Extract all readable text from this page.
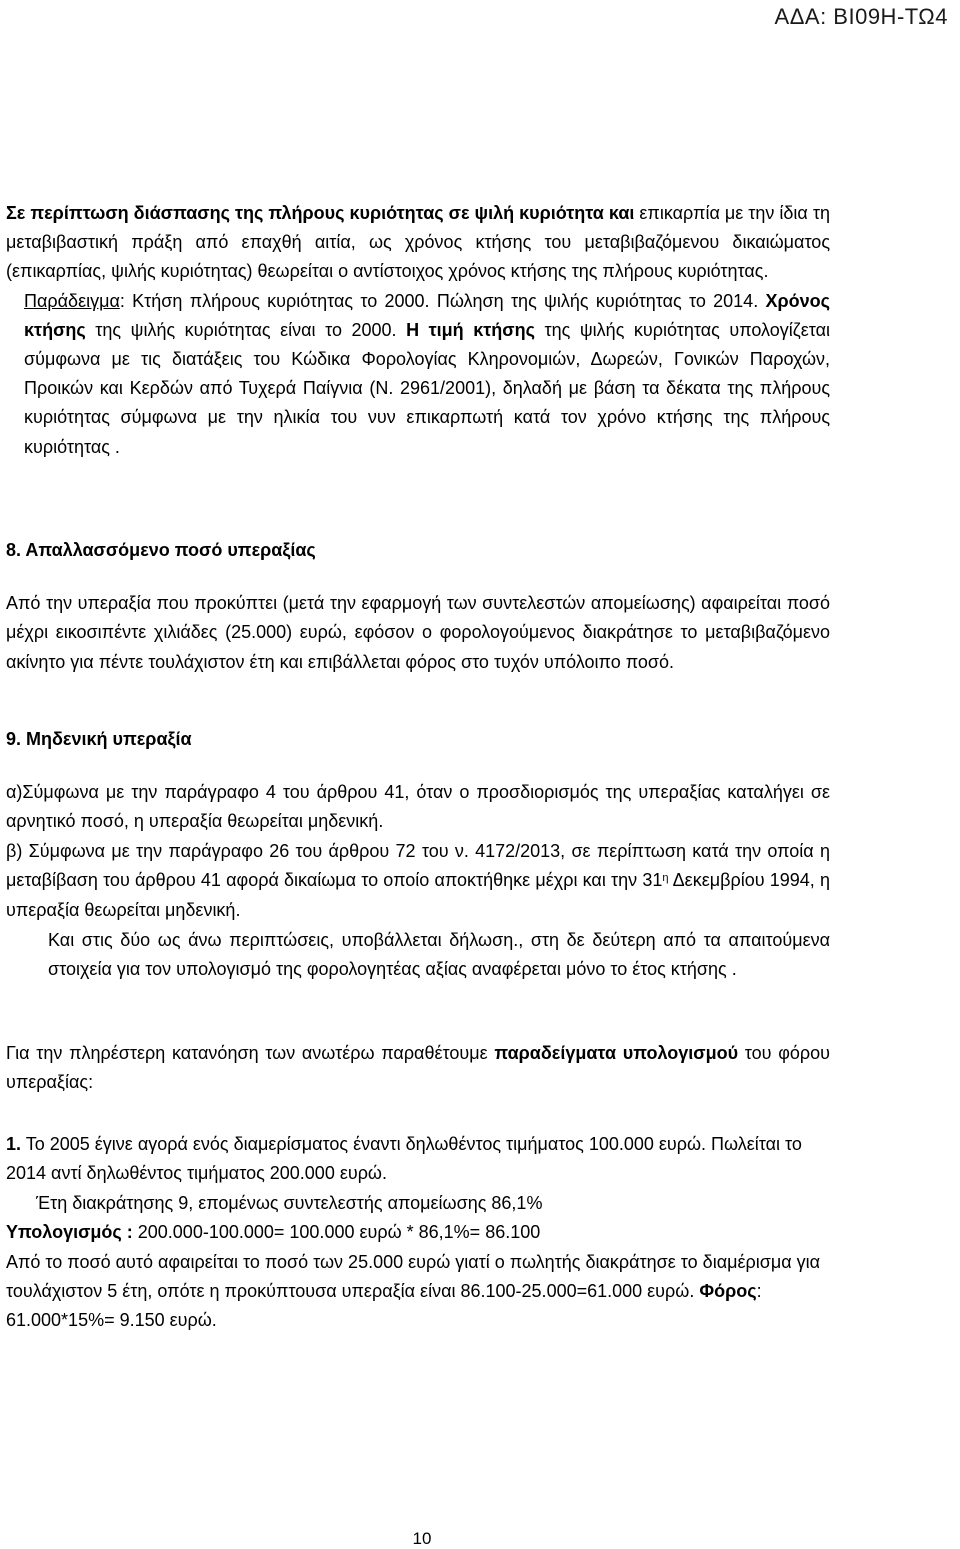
ΑΔΑ: ΒΙ09Η-ΤΩ4

Σε περίπτωση διάσπασης της πλήρους κυριότητας σε ψιλή κυριότητα και επικαρπία με την ίδια τη μεταβιβαστική πράξη από επαχθή αιτία, ως χρόνος κτήσης του μεταβιβαζόμενου δικαιώματος (επικαρπίας, ψιλής κυριότητας) θεωρείται ο αντίστοιχος χρόνος κτήσης της πλήρους κυριότητας.

Παράδειγμα: Κτήση πλήρους κυριότητας το 2000. Πώληση της ψιλής κυριότητας το 2014. Χρόνος κτήσης της ψιλής κυριότητας είναι το 2000. Η τιμή κτήσης της ψιλής κυριότητας υπολογίζεται σύμφωνα με τις διατάξεις του Κώδικα Φορολογίας Κληρονομιών, Δωρεών, Γονικών Παροχών, Προικών και Κερδών από Τυχερά Παίγνια (Ν. 2961/2001), δηλαδή με βάση τα δέκατα της πλήρους κυριότητας σύμφωνα με την ηλικία του νυν επικαρπωτή κατά τον χρόνο κτήσης της πλήρους κυριότητας .

8. Απαλλασσόμενο ποσό υπεραξίας

Από την υπεραξία που προκύπτει (μετά την εφαρμογή των συντελεστών απομείωσης) αφαιρείται ποσό μέχρι εικοσιπέντε χιλιάδες (25.000) ευρώ, εφόσον ο φορολογούμενος διακράτησε το μεταβιβαζόμενο ακίνητο για πέντε τουλάχιστον έτη και επιβάλλεται φόρος στο τυχόν υπόλοιπο ποσό.

9. Μηδενική υπεραξία

α)Σύμφωνα με την παράγραφο 4 του άρθρου 41, όταν ο προσδιορισμός της υπεραξίας καταλήγει σε αρνητικό ποσό, η υπεραξία θεωρείται μηδενική.

β) Σύμφωνα με την παράγραφο 26 του άρθρου 72 του ν. 4172/2013, σε περίπτωση κατά την οποία η μεταβίβαση του άρθρου 41 αφορά δικαίωμα το οποίο αποκτήθηκε μέχρι και την $31^\eta$ Δεκεμβρίου 1994, η υπεραξία θεωρείται μηδενική.

Και στις δύο ως άνω περιπτώσεις, υποβάλλεται δήλωση., στη δε δεύτερη από τα απαιτούμενα στοιχεία για τον υπολογισμό της φορολογητέας αξίας αναφέρεται μόνο το έτος κτήσης .

Για την πληρέστερη κατανόηση των ανωτέρω παραθέτουμε παραδείγματα υπολογισμού του φόρου υπεραξίας:

1. Το 2005 έγινε αγορά ενός διαμερίσματος έναντι δηλωθέντος τιμήματος 100.000 ευρώ. Πωλείται το 2014 αντί δηλωθέντος τιμήματος 200.000 ευρώ.

Έτη διακράτησης 9, επομένως συντελεστής απομείωσης 86,1%

Υπολογισμός : 200.000-100.000= 100.000 ευρώ * 86,1%= 86.100

Από το ποσό αυτό αφαιρείται το ποσό των 25.000 ευρώ γιατί ο πωλητής διακράτησε το διαμέρισμα για τουλάχιστον 5 έτη, οπότε η προκύπτουσα υπεραξία είναι 86.100-25.000=61.000 ευρώ. Φόρος: 61.000*15%= 9.150 ευρώ.

10
